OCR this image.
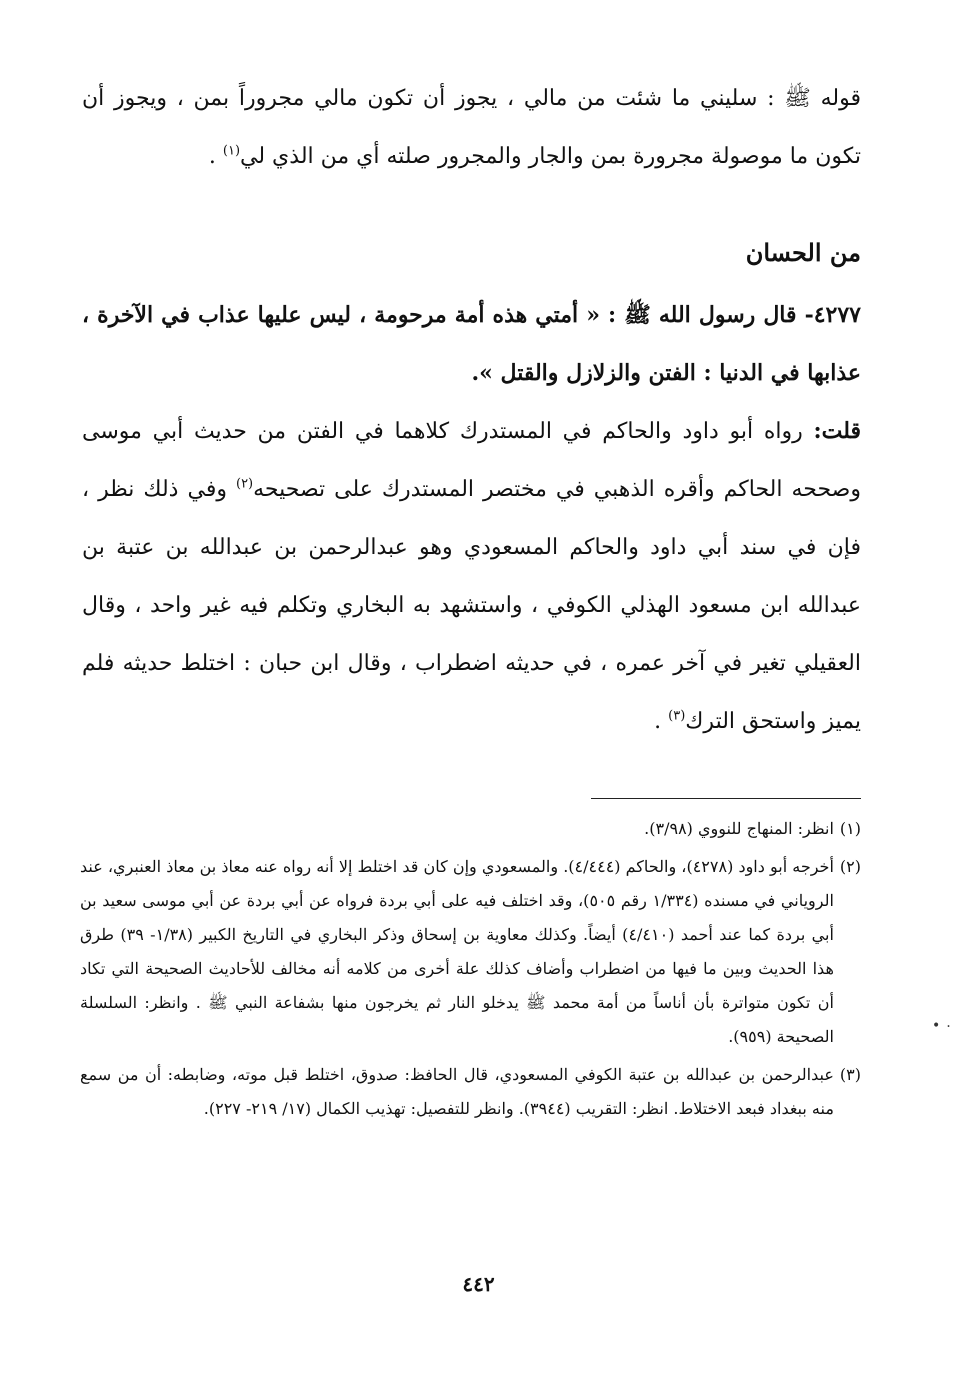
قوله ﷺ : سليني ما شئت من مالي ، يجوز أن تكون مالي مجروراً بمن ، ويجوز أن تكون ما موصولة مجرورة بمن والجار والمجرور صلته أي من الذي لي$^{(١)}$ .

من الحسان

٤٢٧٧- قال رسول الله ﷺ : « أمتي هذه أمة مرحومة ، ليس عليها عذاب في الآخرة ، عذابها في الدنيا : الفتن والزلازل والقتل ».

قلت: رواه أبو داود والحاكم في المستدرك كلاهما في الفتن من حديث أبي موسى وصححه الحاكم وأقره الذهبي في مختصر المستدرك على تصحيحه$^{(٢)}$ وفي ذلك نظر ، فإن في سند أبي داود والحاكم المسعودي وهو عبدالرحمن بن عبدالله بن عتبة بن عبدالله ابن مسعود الهذلي الكوفي ، واستشهد به البخاري وتكلم فيه غير واحد ، وقال العقيلي تغير في آخر عمره ، في حديثه اضطراب ، وقال ابن حبان : اختلط حديثه فلم يميز واستحق الترك$^{(٣)}$ .

(١)
انظر: المنهاج للنووي (٣/٩٨).
(٢)
أخرجه أبو داود (٤٢٧٨)، والحاكم (٤/٤٤٤). والمسعودي وإن كان قد اختلط إلا أنه رواه عنه معاذ بن معاذ العنبري، عند الروياني في مسنده (١/٣٣٤ رقم ٥٠٥)، وقد اختلف فيه على أبي بردة فرواه عن أبي بردة عن أبي موسى سعيد بن أبي بردة كما عند أحمد (٤/٤١٠) أيضاً. وكذلك معاوية بن إسحاق وذكر البخاري في التاريخ الكبير (١/٣٨- ٣٩) طرق هذا الحديث وبين ما فيها من اضطراب وأضاف كذلك علة أخرى من كلامه أنه مخالف للأحاديث الصحيحة التي تكاد أن تكون متواترة بأن أناساً من أمة محمد ﷺ يدخلو النار ثم يخرجون منها بشفاعة النبي ﷺ . وانظر: السلسلة الصحيحة (٩٥٩).
(٣)
عبدالرحمن بن عبدالله بن عتبة الكوفي المسعودي، قال الحافظ: صدوق، اختلط قبل موته، وضابطه: أن من سمع منه ببغداد فبعد الاختلاط. انظر: التقريب (٣٩٤٤). وانظر للتفصيل: تهذيب الكمال (١٧/ ٢١٩- ٢٢٧).
٠ •
٤٤٢
